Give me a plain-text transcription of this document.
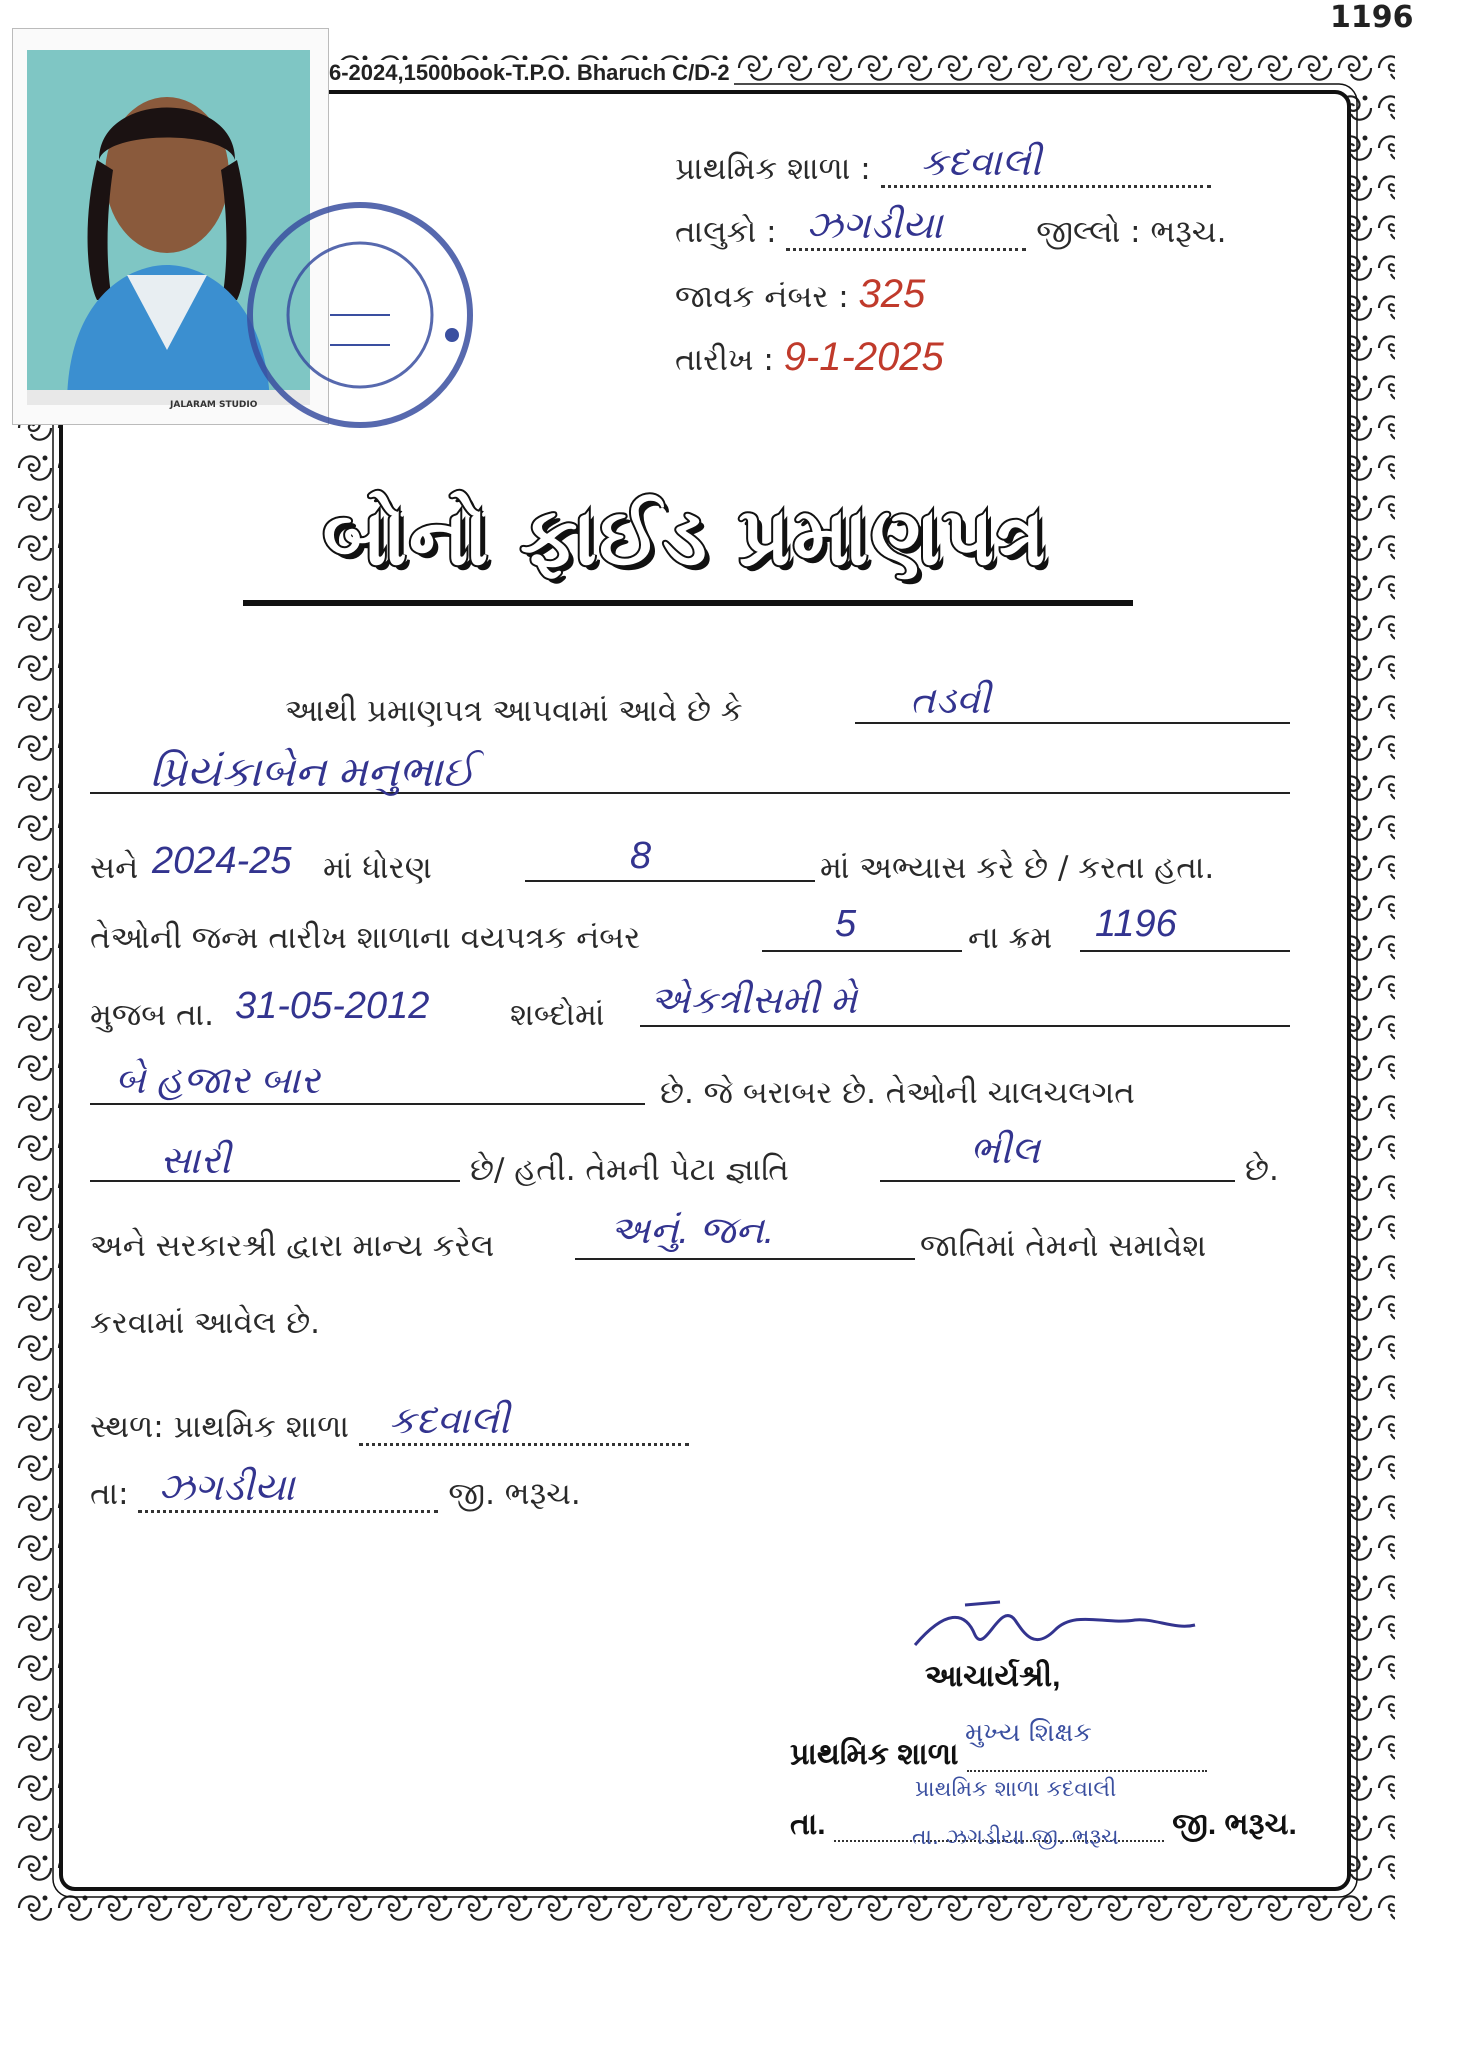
1196
6-2024,1500book-T.P.O. Bharuch C/D-2
JALARAM STUDIO
પ્રાથમિક શાળા : કદવાલી
તાલુકો : ઝગડીયા	જીલ્લો : ભરૂચ.
જાવક નંબર : 325
તારીખ : 9-1-2025
બોનો ફાઈડ પ્રમાણપત્ર
આથી પ્રમાણપત્ર આપવામાં આવે છે કે	તડવી
પ્રિયંકાબેન મનુભાઈ
સને 2024-25 માં ધોરણ	8	માં અભ્યાસ કરે છે / કરતા હતા.
તેઓની જન્મ તારીખ શાળાના વયપત્રક નંબર	5	ના ક્રમ 1196
મુજબ તા. 31-05-2012	શબ્દોમાં એકત્રીસમી મે
બે હજાર બાર	છે. જે બરાબર છે. તેઓની ચાલચલગત
સારી	છે/ હતી. તેમની પેટા જ્ઞાતિ	ભીલ	છે.
અને સરકારશ્રી દ્વારા માન્ય કરેલ	અનું. જન.	જાતિમાં તેમનો સમાવેશ
કરવામાં આવેલ છે.
સ્થળ: પ્રાથમિક શાળા કદવાલી
તા: ઝગડીયા	જી. ભરૂચ.
આચાર્યશ્રી,
પ્રાથમિક શાળા
તા.	જી. ભરૂચ.
મુખ્ય શિક્ષક
પ્રાથમિક શાળા કદવાલી
તા. ઝગડીયા જી. ભરૂચ
